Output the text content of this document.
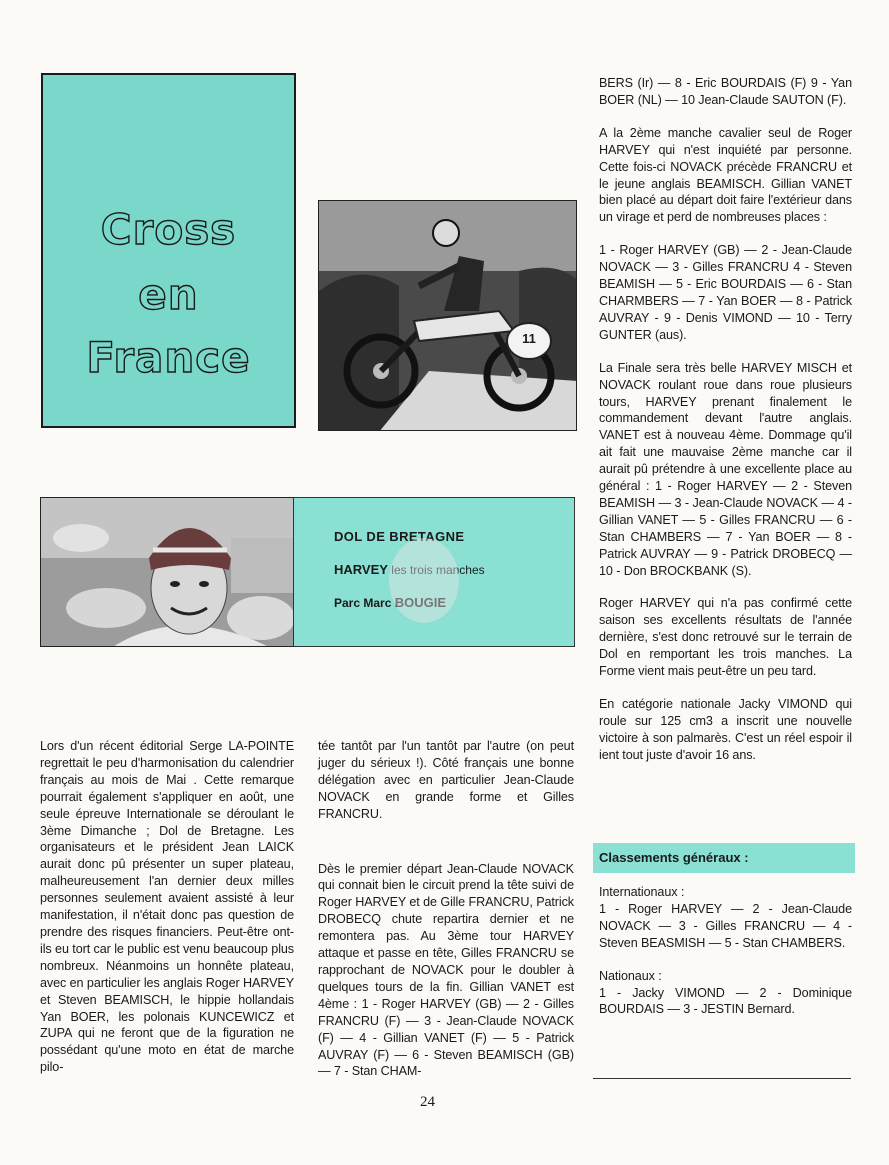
Cross
en
France	11
DOL DE BRETAGNE
HARVEY les trois manches
Parc Marc BOUGIE

Lors d'un récent éditorial Serge LA-POINTE regrettait le peu d'harmonisation du calendrier français au mois de Mai . Cette remarque pourrait également s'appliquer en août, une seule épreuve Internationale se déroulant le 3ème Dimanche ; Dol de Bretagne. Les organisateurs et le président Jean LAICK aurait donc pû présenter un super plateau, malheureusement l'an dernier deux milles personnes seulement avaient assisté à leur manifestation, il n'était donc pas question de prendre des risques financiers. Peut-être ont-ils eu tort car le public est venu beaucoup plus nombreux. Néanmoins un honnête plateau, avec en particulier les anglais Roger HARVEY et Steven BEAMISCH, le hippie hollandais Yan BOER, les polonais KUNCEWICZ et ZUPA qui ne feront que de la figuration ne possédant qu'une moto en état de marche pilo-

tée tantôt par l'un tantôt par l'autre (on peut juger du sérieux !). Côté français une bonne délégation avec en particulier Jean-Claude NOVACK en grande forme et Gilles FRANCRU.

Dès le premier départ Jean-Claude NOVACK qui connait bien le circuit prend la tête suivi de Roger HARVEY et de Gille FRANCRU, Patrick DROBECQ chute repartira dernier et ne remontera pas. Au 3ème tour HARVEY attaque et passe en tête, Gilles FRANCRU se rapprochant de NOVACK pour le doubler à quelques tours de la fin. Gillian VANET est 4ème : 1 - Roger HARVEY (GB) — 2 - Gilles FRANCRU (F) — 3 - Jean-Claude NOVACK (F) — 4 - Gillian VANET (F) — 5 - Patrick AUVRAY (F) — 6 - Steven BEAMISCH (GB) — 7 - Stan CHAM-

BERS (Ir) — 8 - Eric BOURDAIS (F) 9 - Yan BOER (NL) — 10 Jean-Claude SAUTON (F).

A la 2ème manche cavalier seul de Roger HARVEY qui n'est inquiété par personne. Cette fois-ci NOVACK précède FRANCRU et le jeune anglais BEAMISCH. Gillian VANET bien placé au départ doit faire l'extérieur dans un virage et perd de nombreuses places :

1 - Roger HARVEY (GB) — 2 - Jean-Claude NOVACK — 3 - Gilles FRANCRU 4 - Steven BEAMISH — 5 - Eric BOURDAIS — 6 - Stan CHARMBERS — 7 - Yan BOER — 8 - Patrick AUVRAY - 9 - Denis VIMOND — 10 - Terry GUNTER (aus).

La Finale sera très belle HARVEY MISCH et NOVACK roulant roue dans roue plusieurs tours, HARVEY prenant finalement le commandement devant l'autre anglais. VANET est à nouveau 4ème. Dommage qu'il ait fait une mauvaise 2ème manche car il aurait pû prétendre à une excellente place au général : 1 - Roger HARVEY — 2 - Steven BEAMISH — 3 - Jean-Claude NOVACK — 4 - Gillian VANET — 5 - Gilles FRANCRU — 6 - Stan CHAMBERS — 7 - Yan BOER — 8 - Patrick AUVRAY — 9 - Patrick DROBECQ — 10 - Don BROCKBANK (S).

Roger HARVEY qui n'a pas confirmé cette saison ses excellents résultats de l'année dernière, s'est donc retrouvé sur le terrain de Dol en remportant les trois manches. La Forme vient mais peut-être un peu tard.

En catégorie nationale Jacky VIMOND qui roule sur 125 cm3 a inscrit une nouvelle victoire à son palmarès. C'est un réel espoir il ient tout juste d'avoir 16 ans.

Classements généraux :
Internationaux :

1 - Roger HARVEY — 2 - Jean-Claude NOVACK — 3 - Gilles FRANCRU — 4 - Steven BEASMISH — 5 - Stan CHAMBERS.

Nationaux :

1 - Jacky VIMOND — 2 - Dominique BOURDAIS — 3 - JESTIN Bernard.

24
